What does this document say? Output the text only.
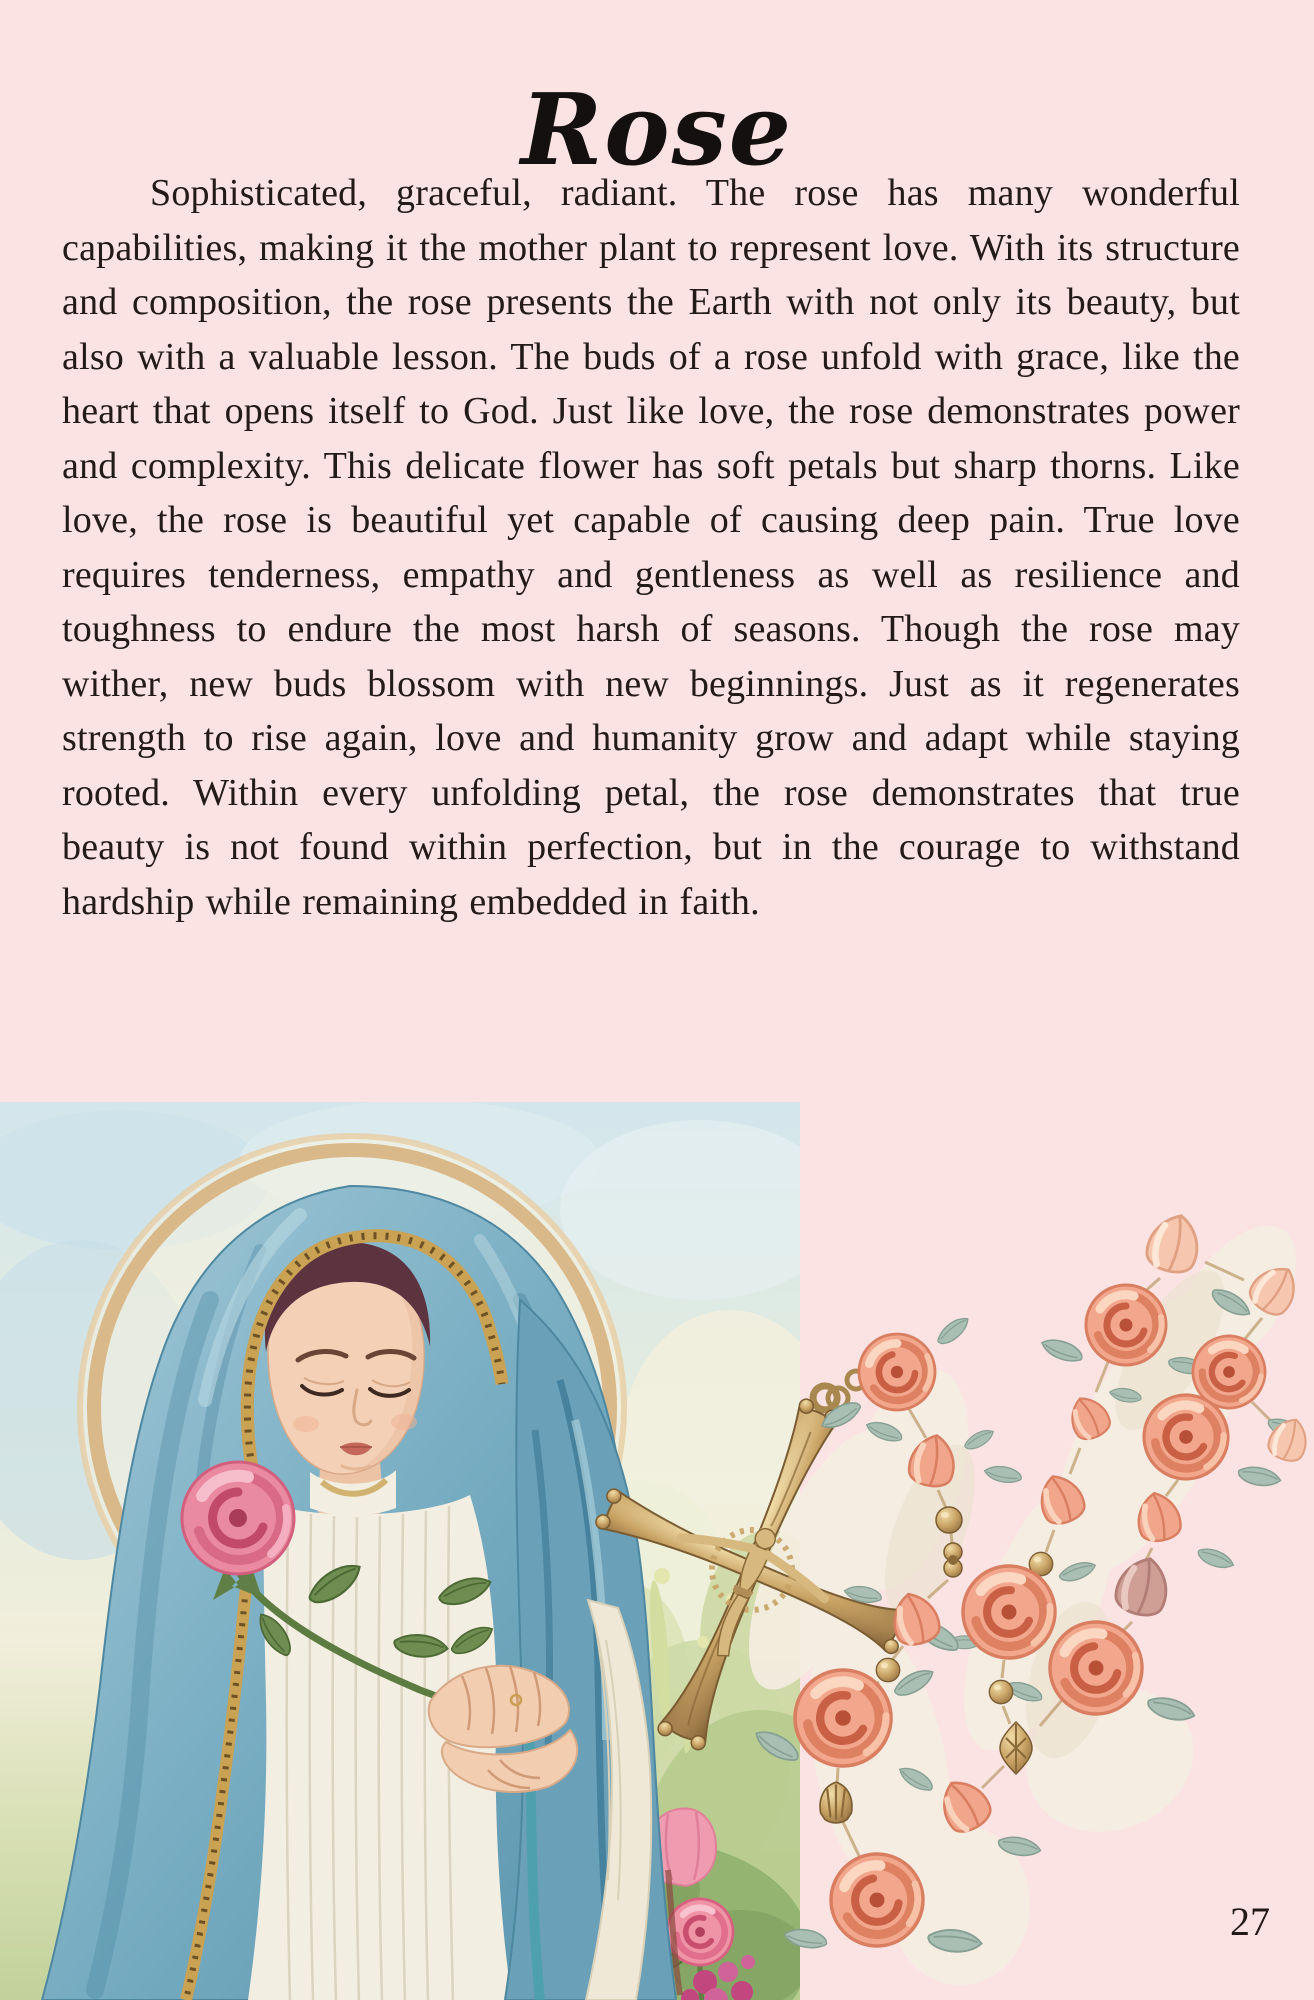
Rose

Sophisticated, graceful, radiant. The rose has many wonderful capabilities, making it the mother plant to represent love. With its structure and composition, the rose presents the Earth with not only its beauty, but also with a valuable lesson. The buds of a rose unfold with grace, like the heart that opens itself to God. Just like love, the rose demonstrates power and complexity. This delicate flower has soft petals but sharp thorns. Like love, the rose is beautiful yet capable of causing deep pain. True love requires tenderness, empathy and gentleness as well as resilience and toughness to endure the most harsh of seasons. Though the rose may wither, new buds blossom with new beginnings. Just as it regenerates strength to rise again, love and humanity grow and adapt while staying rooted. Within every unfolding petal, the rose demonstrates that true beauty is not found within perfection, but in the courage to withstand hardship while remaining embedded in faith.

27
